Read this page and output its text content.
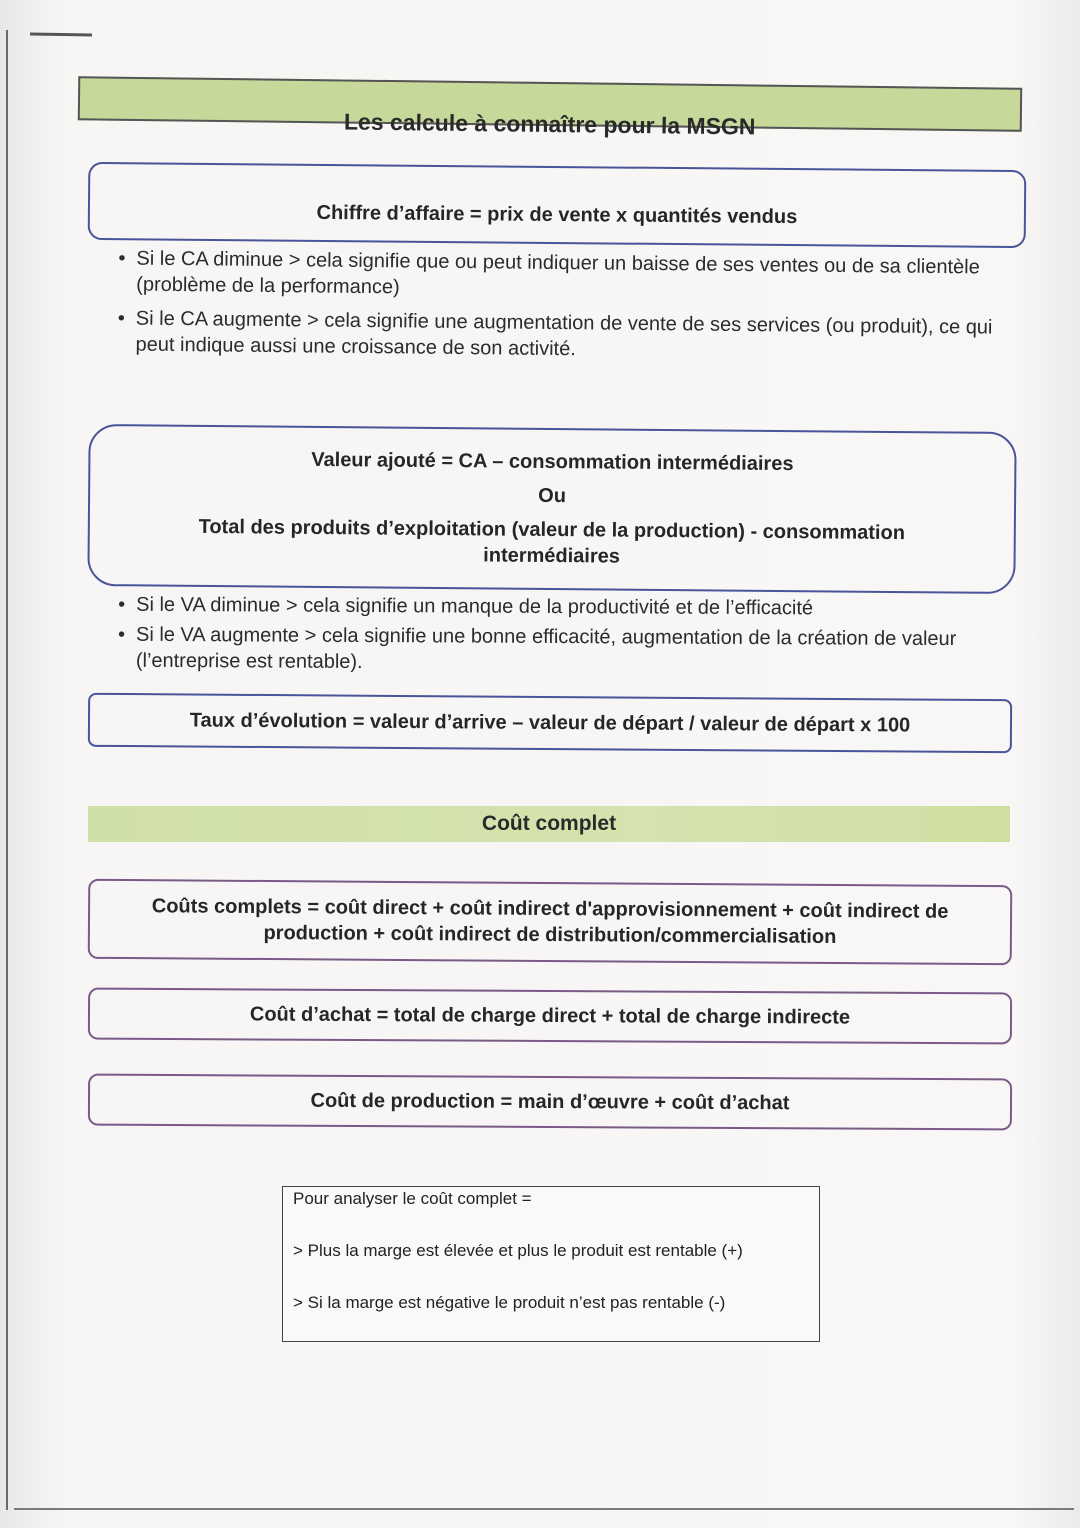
Les calcule à connaître pour la MSGN
Chiffre d’affaire = prix de vente x quantités vendus
• Si le CA diminue > cela signifie que ou peut indiquer un baisse de ses ventes ou de sa clientèle (problème de la performance)
• Si le CA augmente > cela signifie une augmentation de vente de ses services (ou produit), ce qui peut indique aussi une croissance de son activité.
Valeur ajouté = CA – consommation intermédiaires
Ou
Total des produits d’exploitation (valeur de la production) - consommation
intermédiaires
• Si le VA diminue > cela signifie un manque de la productivité et de l’efficacité
• Si le VA augmente > cela signifie une bonne efficacité, augmentation de la création de valeur (l’entreprise est rentable).
Taux d’évolution = valeur d’arrive – valeur de départ / valeur de départ x 100
Coût complet
Coûts complets = coût direct + coût indirect d'approvisionnement + coût indirect de
production + coût indirect de distribution/commercialisation
Coût d’achat = total de charge direct + total de charge indirecte
Coût de production = main d’œuvre + coût d’achat
Pour analyser le coût complet =
> Plus la marge est élevée et plus le produit est rentable (+)
> Si la marge est négative le produit n’est pas rentable (-)
